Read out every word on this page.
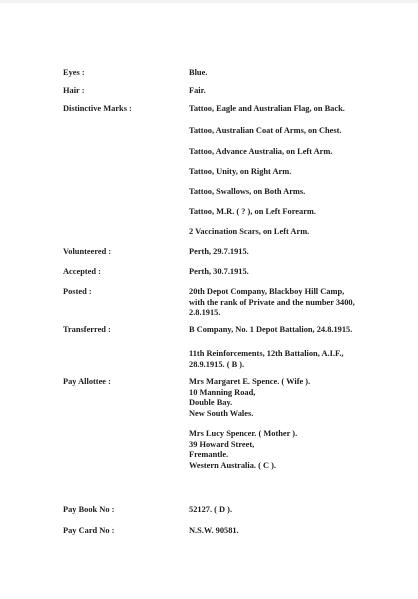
Eyes :	Blue.
Hair :	Fair.
Distinctive Marks :	Tattoo, Eagle and Australian Flag, on Back.
Tattoo, Australian Coat of Arms, on Chest.
Tattoo, Advance Australia, on Left Arm.
Tattoo, Unity, on Right Arm.
Tattoo, Swallows, on Both Arms.
Tattoo, M.R. ( ? ), on Left Forearm.
2 Vaccination Scars, on Left Arm.
Volunteered :	Perth, 29.7.1915.
Accepted :	Perth, 30.7.1915.
Posted :	20th Depot Company, Blackboy Hill Camp,
with the rank of Private and the number 3400,
2.8.1915.
Transferred :	B Company, No. 1 Depot Battalion, 24.8.1915.
11th Reinforcements, 12th Battalion, A.I.F.,
28.9.1915. ( B ).
Pay Allottee :	Mrs Margaret E. Spence. ( Wife ).
10 Manning Road,
Double Bay.
New South Wales.
Mrs Lucy Spencer. ( Mother ).
39 Howard Street,
Fremantle.
Western Australia. ( C ).
Pay Book No :	52127. ( D ).
Pay Card No :	N.S.W. 90581.
